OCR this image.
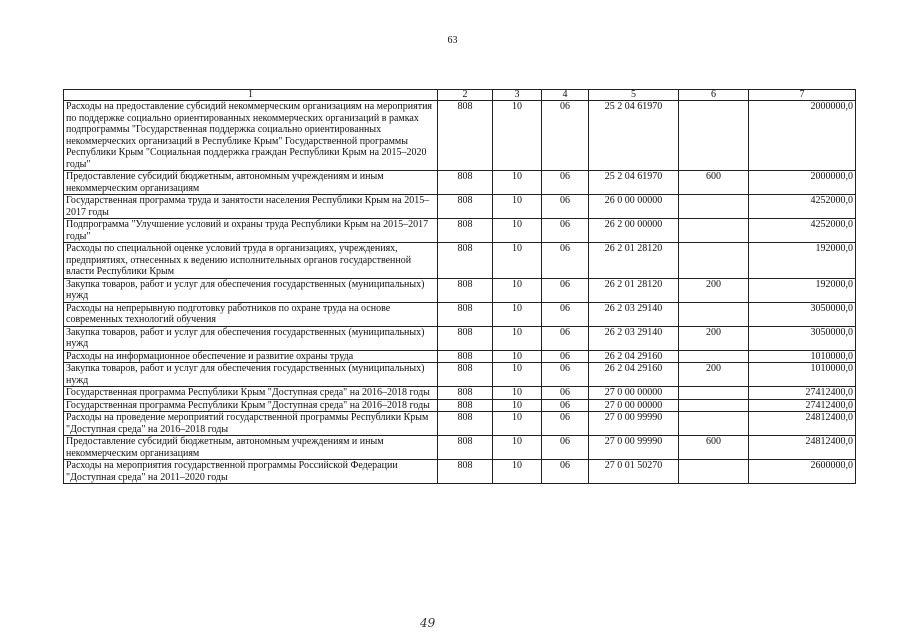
63
1	2	3	4	5	6	7
Расходы на предоставление субсидий некоммерческим организациям на мероприятия по поддержке социально ориентированных некоммерческих организаций в рамках подпрограммы "Государственная поддержка социально ориентированных некоммерческих организаций в Республике Крым" Государственной программы Республики Крым "Социальная поддержка граждан Республики Крым на 2015–2020 годы"	808	10	06	25 2 04 61970		2000000,0
Предоставление субсидий бюджетным, автономным учреждениям и иным некоммерческим организациям	808	10	06	25 2 04 61970	600	2000000,0
Государственная программа труда и занятости населения Республики Крым на 2015–2017 годы	808	10	06	26 0 00 00000		4252000,0
Подпрограмма "Улучшение условий и охраны труда Республики Крым на 2015–2017 годы"	808	10	06	26 2 00 00000		4252000,0
Расходы по специальной оценке условий труда в организациях, учреждениях, предприятиях, отнесенных к ведению исполнительных органов государственной власти Республики Крым	808	10	06	26 2 01 28120		192000,0
Закупка товаров, работ и услуг для обеспечения государственных (муниципальных) нужд	808	10	06	26 2 01 28120	200	192000,0
Расходы на непрерывную подготовку работников по охране труда на основе современных технологий обучения	808	10	06	26 2 03 29140		3050000,0
Закупка товаров, работ и услуг для обеспечения государственных (муниципальных) нужд	808	10	06	26 2 03 29140	200	3050000,0
Расходы на информационное обеспечение и развитие охраны труда	808	10	06	26 2 04 29160		1010000,0
Закупка товаров, работ и услуг для обеспечения государственных (муниципальных) нужд	808	10	06	26 2 04 29160	200	1010000,0
Государственная программа Республики Крым "Доступная среда" на 2016–2018 годы	808	10	06	27 0 00 00000		27412400,0
Государственная программа Республики Крым "Доступная среда" на 2016–2018 годы	808	10	06	27 0 00 00000		27412400,0
Расходы на проведение мероприятий государственной программы Республики Крым "Доступная среда" на 2016–2018 годы	808	10	06	27 0 00 99990		24812400,0
Предоставление субсидий бюджетным, автономным учреждениям и иным некоммерческим организациям	808	10	06	27 0 00 99990	600	24812400,0
Расходы на мероприятия государственной программы Российской Федерации "Доступная среда" на 2011–2020 годы	808	10	06	27 0 01 50270		2600000,0
49
